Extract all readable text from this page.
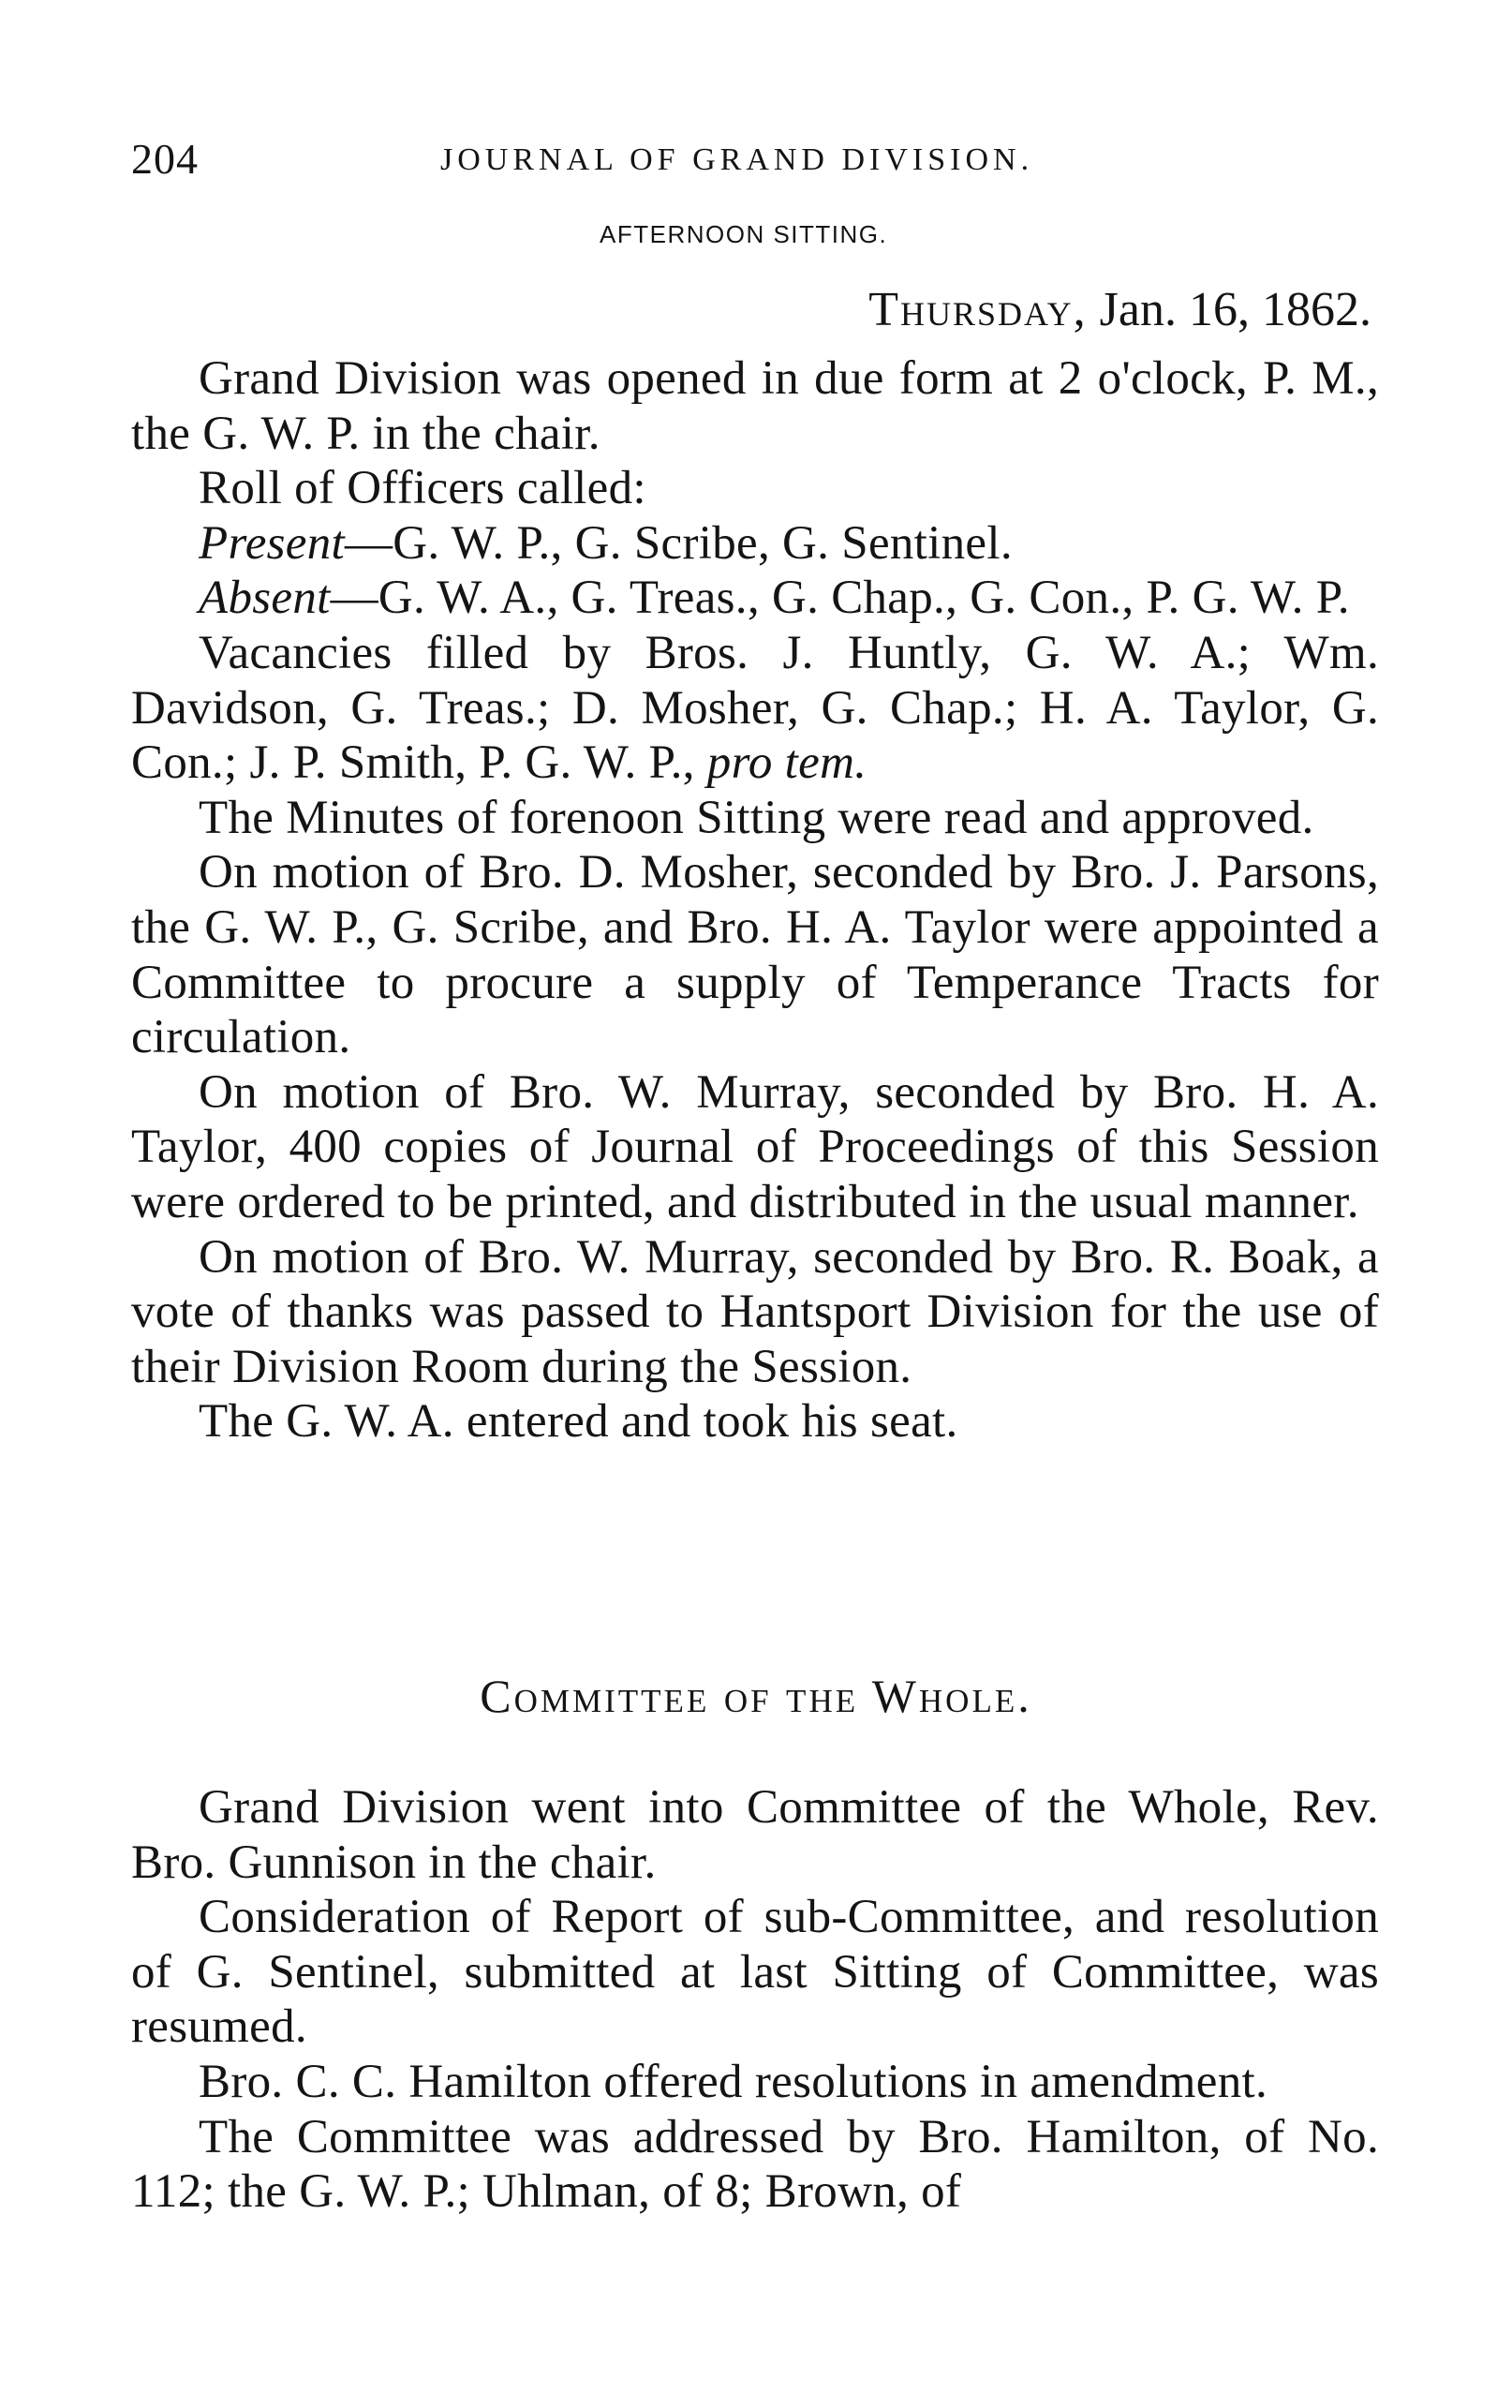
204	JOURNAL OF GRAND DIVISION.
AFTERNOON SITTING.
Thursday, Jan. 16, 1862.

Grand Division was opened in due form at 2 o'clock, P. M., the G. W. P. in the chair.

Roll of Officers called:

Present—G. W. P., G. Scribe, G. Sentinel.

Absent—G. W. A., G. Treas., G. Chap., G. Con., P. G. W. P.

Vacancies filled by Bros. J. Huntly, G. W. A.; Wm. Davidson, G. Treas.; D. Mosher, G. Chap.; H. A. Taylor, G. Con.; J. P. Smith, P. G. W. P., pro tem.

The Minutes of forenoon Sitting were read and approved.

On motion of Bro. D. Mosher, seconded by Bro. J. Parsons, the G. W. P., G. Scribe, and Bro. H. A. Taylor were appointed a Committee to procure a supply of Temperance Tracts for circulation.

On motion of Bro. W. Murray, seconded by Bro. H. A. Taylor, 400 copies of Journal of Proceedings of this Session were ordered to be printed, and distributed in the usual manner.

On motion of Bro. W. Murray, seconded by Bro. R. Boak, a vote of thanks was passed to Hantsport Division for the use of their Division Room during the Session.

The G. W. A. entered and took his seat.

Committee of the Whole.

Grand Division went into Committee of the Whole, Rev. Bro. Gunnison in the chair.

Consideration of Report of sub-Committee, and resolution of G. Sentinel, submitted at last Sitting of Committee, was resumed.

Bro. C. C. Hamilton offered resolutions in amendment.

The Committee was addressed by Bro. Hamilton, of No. 112; the G. W. P.; Uhlman, of 8; Brown, of
